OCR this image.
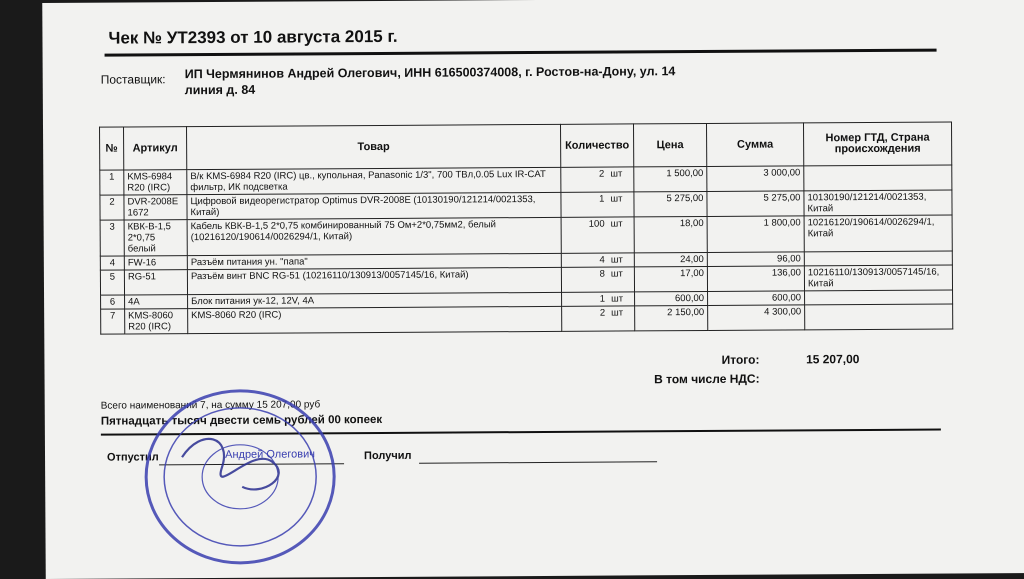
Чек № УТ2393 от 10 августа 2015 г.
Поставщик: ИП Чермянинов Андрей Олегович, ИНН 616500374008, г. Ростов-на-Дону, ул. 14 линия д. 84
№	Артикул	Товар	Количество	Цена	Сумма	Номер ГТД, Страна происхождения
1	KMS-6984 R20 (IRC)	В/к KMS-6984 R20 (IRC) цв., купольная, Panasonic 1/3", 700 ТВл,0.05 Lux IR-CAT фильтр, ИК подсветка	2 шт	1 500,00	3 000,00	
2	DVR-2008E 1672	Цифровой видеорегистратор Optimus DVR-2008E (10130190/121214/0021353, Китай)	1 шт	5 275,00	5 275,00	10130190/121214/0021353, Китай
3	КВК-В-1,5 2*0,75 белый	Кабель КВК-В-1,5 2*0,75 комбинированный 75 Ом+2*0,75мм2, белый (10216120/190614/0026294/1, Китай)	100 шт	18,00	1 800,00	10216120/190614/0026294/1, Китай
4	FW-16	Разъём питания ун. "папа"	4 шт	24,00	96,00	
5	RG-51	Разъём винт BNC RG-51 (10216110/130913/0057145/16, Китай)	8 шт	17,00	136,00	10216110/130913/0057145/16, Китай
6	4A	Блок питания ук-12, 12V, 4А	1 шт	600,00	600,00	
7	KMS-8060 R20 (IRC)	KMS-8060 R20 (IRC)	2 шт	2 150,00	4 300,00	
Итого:	15 207,00
В том числе НДС:
Всего наименований 7, на сумму 15 207,00 руб
Пятнадцать тысяч двести семь рублей 00 копеек
Отпустил	Получил
Андрей Олегович
